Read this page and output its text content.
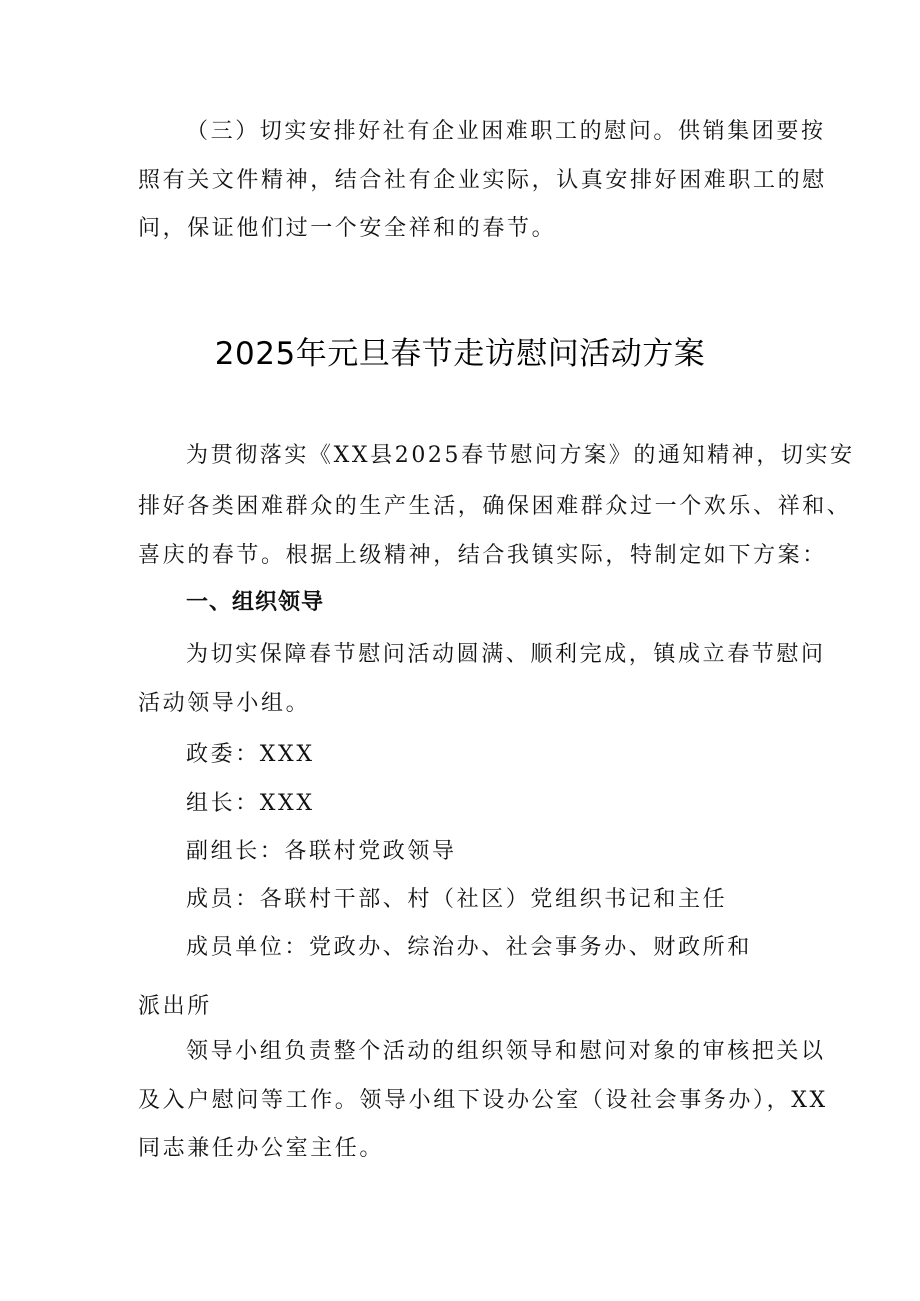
（三）切实安排好社有企业困难职工的慰问。供销集团要按
照有关文件精神，结合社有企业实际，认真安排好困难职工的慰
问，保证他们过一个安全祥和的春节。
2025年元旦春节走访慰问活动方案
为贯彻落实《XX县2025春节慰问方案》的通知精神，切实安
排好各类困难群众的生产生活，确保困难群众过一个欢乐、祥和、
喜庆的春节。根据上级精神，结合我镇实际，特制定如下方案：
一、组织领导
为切实保障春节慰问活动圆满、顺利完成，镇成立春节慰问
活动领导小组。
政委：XXX
组长：XXX
副组长：各联村党政领导
成员：各联村干部、村（社区）党组织书记和主任
成员单位：党政办、综治办、社会事务办、财政所和
派出所
领导小组负责整个活动的组织领导和慰问对象的审核把关以
及入户慰问等工作。领导小组下设办公室（设社会事务办），XX
同志兼任办公室主任。
